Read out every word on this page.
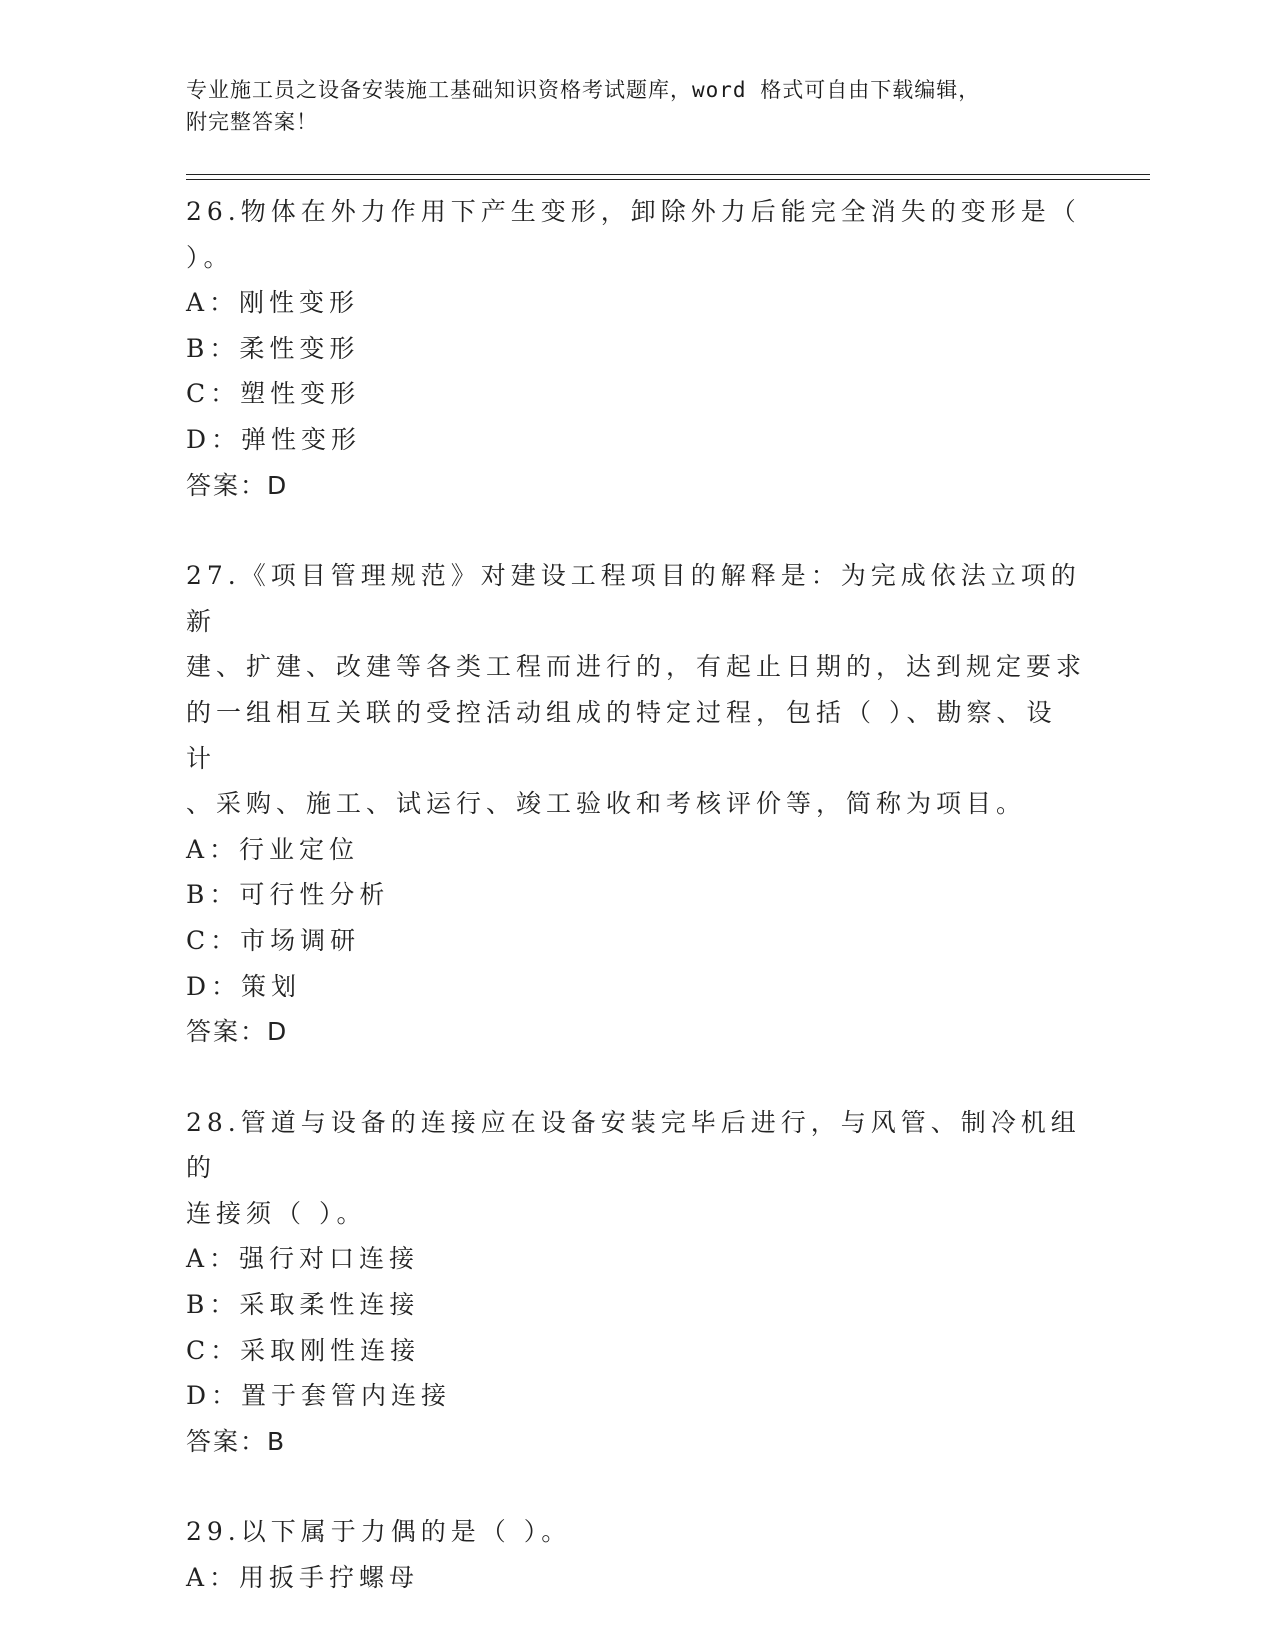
专业施工员之设备安装施工基础知识资格考试题库，word 格式可自由下载编辑，
附完整答案！
26.物体在外力作用下产生变形，卸除外力后能完全消失的变形是（
）。
A：刚性变形
B：柔性变形
C：塑性变形
D：弹性变形
答案：D
27.《项目管理规范》对建设工程项目的解释是：为完成依法立项的新
建、扩建、改建等各类工程而进行的，有起止日期的，达到规定要求
的一组相互关联的受控活动组成的特定过程，包括（ ）、勘察、设计
、采购、施工、试运行、竣工验收和考核评价等，简称为项目。
A：行业定位
B：可行性分析
C：市场调研
D：策划
答案：D
28.管道与设备的连接应在设备安装完毕后进行，与风管、制冷机组的
连接须（ ）。
A：强行对口连接
B：采取柔性连接
C：采取刚性连接
D：置于套管内连接
答案：B
29.以下属于力偶的是（ ）。
A：用扳手拧螺母
